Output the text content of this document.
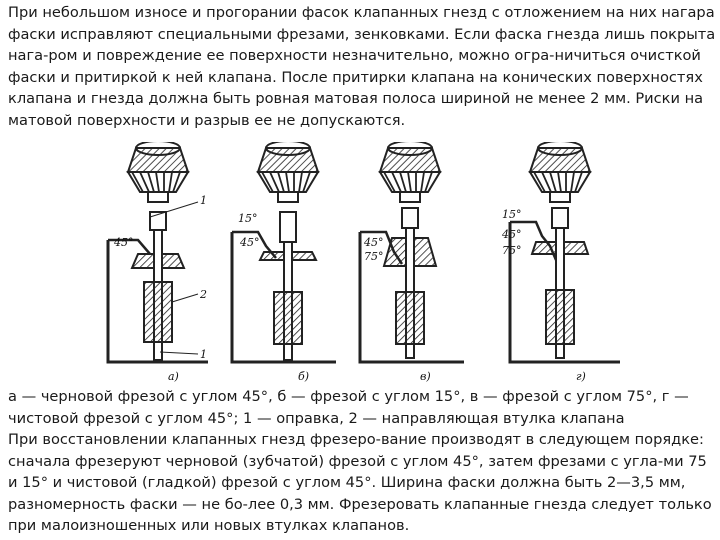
При небольшом износе и прогорании фасок клапанных гнезд с отложением на них нагара фаски исправляют специальными фрезами, зенковками. Если фаска гнезда лишь покрыта нага-ром и повреждение ее поверхности незначительно, можно огра-ничиться очисткой фаски и притиркой к ней клапана. После притирки клапана на конических поверхностях клапана и гнезда должна быть ровная матовая полоса шириной не менее 2 мм. Риски на матовой поверхности и разрыв ее не допускаются.

45°
1
2
1
а)
15°
45°
б)
45°
75°
в)
15°
45°
75°
г)

а — черновой фрезой с углом 45°, б — фрезой с углом 15°, в — фрезой с углом 75°, г — чистовой фрезой с углом 45°; 1 — оправка, 2 — направляющая втулка клапана

При восстановлении клапанных гнезд фрезеро-вание производят в следующем порядке: сначала фрезеруют черновой (зубчатой) фрезой с углом 45°, затем фрезами с угла-ми 75 и 15° и чистовой (гладкой) фрезой с углом 45°. Ширина фаски должна быть 2—3,5 мм, разномерность фаски — не бо-лее 0,3 мм. Фрезеровать клапанные гнезда следует только при малоизношенных или новых втулках клапанов.
